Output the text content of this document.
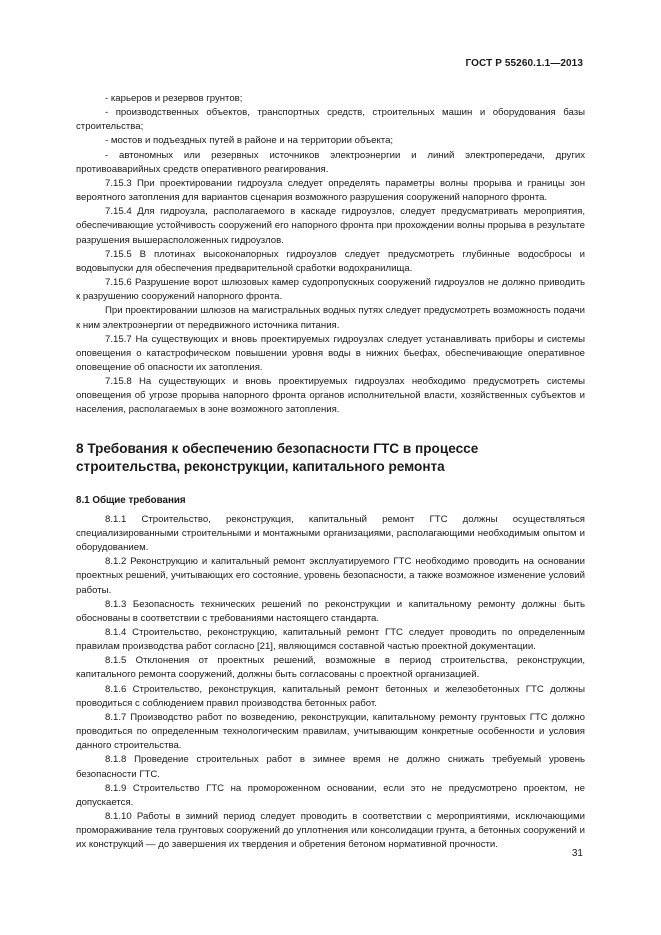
ГОСТ Р 55260.1.1—2013

- карьеров и резервов грунтов;

- производственных объектов, транспортных средств, строительных машин и оборудования базы строительства;

- мостов и подъездных путей в районе и на территории объекта;

- автономных или резервных источников электроэнергии и линий электропередачи, других противоаварийных средств оперативного реагирования.

7.15.3 При проектировании гидроузла следует определять параметры волны прорыва и границы зон вероятного затопления для вариантов сценария возможного разрушения сооружений напорного фронта.

7.15.4 Для гидроузла, располагаемого в каскаде гидроузлов, следует предусматривать мероприятия, обеспечивающие устойчивость сооружений его напорного фронта при прохождении волны прорыва в результате разрушения вышерасположенных гидроузлов.

7.15.5 В плотинах высоконапорных гидроузлов следует предусмотреть глубинные водосбросы и водовыпуски для обеспечения предварительной сработки водохранилища.

7.15.6 Разрушение ворот шлюзовых камер судопропускных сооружений гидроузлов не должно приводить к разрушению сооружений напорного фронта.

При проектировании шлюзов на магистральных водных путях следует предусмотреть возможность подачи к ним электроэнергии от передвижного источника питания.

7.15.7 На существующих и вновь проектируемых гидроузлах следует устанавливать приборы и системы оповещения о катастрофическом повышении уровня воды в нижних бьефах, обеспечивающие оперативное оповещение об опасности их затопления.

7.15.8 На существующих и вновь проектируемых гидроузлах необходимо предусмотреть системы оповещения об угрозе прорыва напорного фронта органов исполнительной власти, хозяйственных субъектов и населения, располагаемых в зоне возможного затопления.

8 Требования к обеспечению безопасности ГТС в процессе строительства, реконструкции, капитального ремонта
8.1 Общие требования

8.1.1 Строительство, реконструкция, капитальный ремонт ГТС должны осуществляться специализированными строительными и монтажными организациями, располагающими необходимым опытом и оборудованием.

8.1.2 Реконструкцию и капитальный ремонт эксплуатируемого ГТС необходимо проводить на основании проектных решений, учитывающих его состояние, уровень безопасности, а также возможное изменение условий работы.

8.1.3 Безопасность технических решений по реконструкции и капитальному ремонту должны быть обоснованы в соответствии с требованиями настоящего стандарта.

8.1.4 Строительство, реконструкцию, капитальный ремонт ГТС следует проводить по определенным правилам производства работ согласно [21], являющимся составной частью проектной документации.

8.1.5 Отклонения от проектных решений, возможные в период строительства, реконструкции, капитального ремонта сооружений, должны быть согласованы с проектной организацией.

8.1.6 Строительство, реконструкция, капитальный ремонт бетонных и железобетонных ГТС должны проводиться с соблюдением правил производства бетонных работ.

8.1.7 Производство работ по возведению, реконструкции, капитальному ремонту грунтовых ГТС должно проводиться по определенным технологическим правилам, учитывающим конкретные особенности и условия данного строительства.

8.1.8 Проведение строительных работ в зимнее время не должно снижать требуемый уровень безопасности ГТС.

8.1.9 Строительство ГТС на промороженном основании, если это не предусмотрено проектом, не допускается.

8.1.10 Работы в зимний период следует проводить в соответствии с мероприятиями, исключающими промораживание тела грунтовых сооружений до уплотнения или консолидации грунта, а бетонных сооружений и их конструкций — до завершения их твердения и обретения бетоном нормативной прочности.

31
